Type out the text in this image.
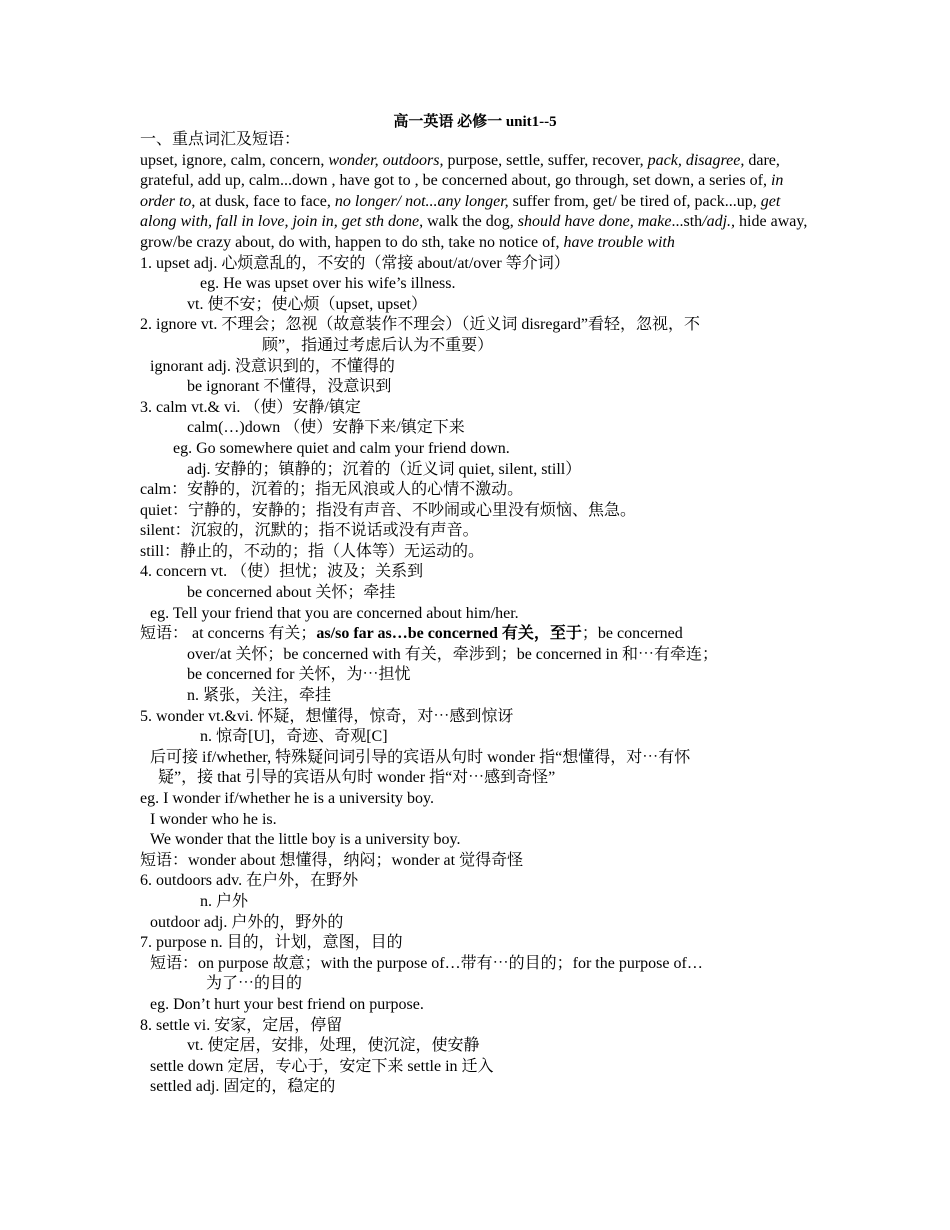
高一英语 必修一 unit1--5
一、重点词汇及短语：
upset, ignore, calm, concern, wonder, outdoors, purpose, settle, suffer, recover, pack, disagree, dare, grateful, add up, calm...down , have got to , be concerned about, go through, set down, a series of, in order to, at dusk, face to face, no longer/ not...any longer, suffer from, get/ be tired of, pack...up, get along with, fall in love, join in, get sth done, walk the dog, should have done, make...sth/adj., hide away, grow/be crazy about, do with, happen to do sth, take no notice of, have trouble with
1. upset adj. 心烦意乱的，不安的（常接 about/at/over 等介词）
eg. He was upset over his wife’s illness.
vt. 使不安；使心烦（upset, upset）
2. ignore vt. 不理会；忽视（故意装作不理会）（近义词 disregard”看轻，忽视，不
顾”，指通过考虑后认为不重要）
ignorant adj. 没意识到的，不懂得的
be ignorant 不懂得，没意识到
3. calm vt.& vi. （使）安静/镇定
calm(…)down （使）安静下来/镇定下来
eg. Go somewhere quiet and calm your friend down.
adj. 安静的；镇静的；沉着的（近义词 quiet, silent, still）
calm：安静的，沉着的；指无风浪或人的心情不激动。
quiet：宁静的，安静的；指没有声音、不吵闹或心里没有烦恼、焦急。
silent：沉寂的，沉默的；指不说话或没有声音。
still：静止的，不动的；指（人体等）无运动的。
4. concern vt. （使）担忧；波及；关系到
be concerned about 关怀；牵挂
eg. Tell your friend that you are concerned about him/her.
短语： at concerns 有关；as/so far as…be concerned 有关，至于；be concerned
over/at 关怀；be concerned with 有关，牵涉到；be concerned in 和⋯有牵连；
be concerned for 关怀，为⋯担忧
n. 紧张，关注，牵挂
5. wonder vt.&vi. 怀疑，想懂得，惊奇，对⋯感到惊讶
n. 惊奇[U]，奇迹、奇观[C]
后可接 if/whether, 特殊疑问词引导的宾语从句时 wonder 指“想懂得，对⋯有怀
疑”，接 that 引导的宾语从句时 wonder 指“对⋯感到奇怪”
eg. I wonder if/whether he is a university boy.
I wonder who he is.
We wonder that the little boy is a university boy.
短语：wonder about 想懂得，纳闷；wonder at 觉得奇怪
6. outdoors adv. 在户外，在野外
n. 户外
outdoor adj. 户外的，野外的
7. purpose n. 目的，计划，意图，目的
短语：on purpose 故意；with the purpose of…带有⋯的目的；for the purpose of…
为了⋯的目的
eg. Don’t hurt your best friend on purpose.
8. settle vi. 安家，定居，停留
vt. 使定居，安排，处理，使沉淀，使安静
settle down 定居，专心于，安定下来 settle in 迁入
settled adj. 固定的，稳定的
